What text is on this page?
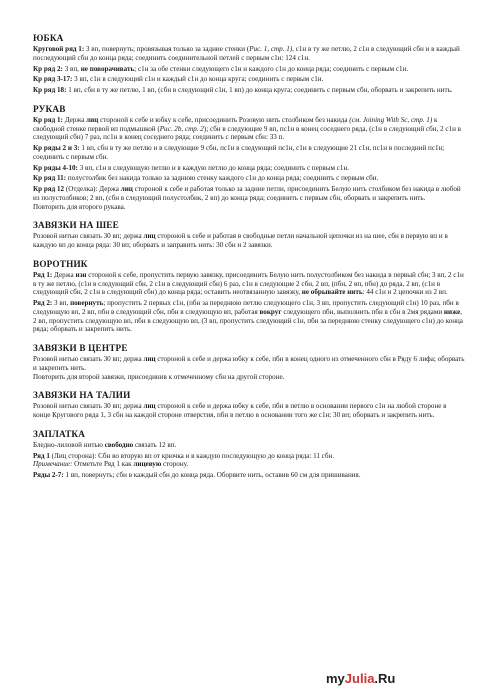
ЮБКА

Круговой ряд 1: 3 вп, повернуть; провязывая только за задние стенки (Рис. 1, стр. 1), с1н в ту же петлю, 2 с1н в следующий сбн и в каждый последующий сбн до конца ряда; соединить соединительной петлей с первым с1н: 124 с1н.

Кр ряд 2: 3 вп, не поворачивать; с1н за обе стенки следующего с1н и каждого с1н до конца ряда; соединить с первым с1н.

Кр ряд 3-17: 3 вп, с1н в следующий с1н и каждый с1н до конца круга; соединить с первым с1н.

Кр ряд 18: 1 вп, сбн в ту же петлю, 1 вп, (сбн в следующий с1н, 1 вп) до конца круга; соединить с первым сбн, оборвать и закрепить нить.

РУКАВ

Кр ряд 1: Держа лиц стороной к себе и юбку к себе, присоединить Розовую нить столбиком без накида (см. Joining With Sc, стр. 1) к свободной стенке первой вп подмышкой (Рис. 2b, стр. 2); сбн в следующие 9 вп, пс1н в конец соседнего ряда, (с1н в следующий сбн, 2 с1н в следующий сбн) 7 раз, пс1н в конец соседнего ряда; соединить с первым сбн: 33 п.

Кр ряды 2 и 3: 1 вп, сбн в ту же петлю и в следующие 9 сбн, пс1н в следующий пс1н, с1н в следующие 21 с1н, пс1н в последний пс1н; соединить с первым сбн.

Кр ряды 4-10: 3 вп, с1н в следующую петлю и в каждую петлю до конца ряда; соединить с первым с1н.

Кр ряд 11: полустолбик без накида только за заднюю стенку каждого с1н до конца ряда; соединить с первым сбн.

Кр ряд 12 (Отделка): Держа лиц стороной к себе и работая только за задние петли, присоединить Белую нить столбиком без накида в любой из полустолбиков; 2 вп, (сбн в следующий полустолбик, 2 вп) до конца ряда; соединить с первым сбн, оборвать и закрепить нить.

Повторить для второго рукава.

ЗАВЯЗКИ НА ШЕЕ

Розовой нитью связать 30 вп; держа лиц стороной к себе и работая в свободные петли начальной цепочки из на шее, сбн в первую вп и в каждую вп до конца ряда: 30 вп; оборвать и заправить нить: 30 сбн и 2 завязки.

ВОРОТНИК

Ряд 1: Держа изн стороной к себе, пропустить первую завязку, присоединить Белую нить полустолбиком без накида в первый сбн; 3 вп, 2 с1н в ту же петлю, (с1н в следующий сбн, 2 с1н в следующий сбн) 6 раз, с1н в следующие 2 сбн, 2 вп, (пбн, 2 вп, пбн) до ряда, 2 вп, (с1н в следующий сбн, 2 с1н в следующий сбн) до конца ряда; оставить неотвязанную завязку, не обрывайте нить: 44 с1н и 2 цепочки из 2 вп.

Ряд 2: 3 вп, повернуть; пропустить 2 первых с1н, (пбн за переднюю петлю следующего с1н, 3 вп, пропустить следующий с1н) 10 раз, пбн в следующую вп, 2 вп, пбн в следующий сбн, пбн в следующую вп, работая вокруг следующего пбн, выполнить пбн в сбн в 2мя рядами ниже, 2 вп, пропустить следующую вп, пбн в следующую вп, (3 вп, пропустить следующий с1н, пбн за переднюю стенку следующего с1н) до конца ряда; оборвать и закрепить нить.

ЗАВЯЗКИ В ЦЕНТРЕ

Розовой нитью связать 30 вп; держа лиц стороной к себе и держа юбку к себе, пбн в конец одного из отмеченного сбн в Ряду 6 лифа; оборвать и закрепить нить.

Повторить для второй завязки, присоединив к отмеченному сбн на другой стороне.

ЗАВЯЗКИ НА ТАЛИИ

Розовой нитью связать 30 вп; держа лиц стороной к себе и держа юбку к себе, пбн в петлю в основании первого с1н на любой стороне в конце Кругового ряда 1, 3 сбн на каждой стороне отверстия, пбн в петлю в основании того же с1н; 30 вп; оборвать и закрепить нить.

ЗАПЛАТКА

Бледно-лиловой нитью свободно связать 12 вп.

Ряд 1 (Лиц сторона): Сбн во вторую вп от крючка и в каждую последующую до конца ряда: 11 сбн.

Примечание: Отметьте Ряд 1 как лицевую сторону.

Ряды 2-7: 1 вп, повернуть; сбн в каждый сбн до конца ряда. Оборвите нить, оставив 60 см для пришивания.

myJulia.Ru
